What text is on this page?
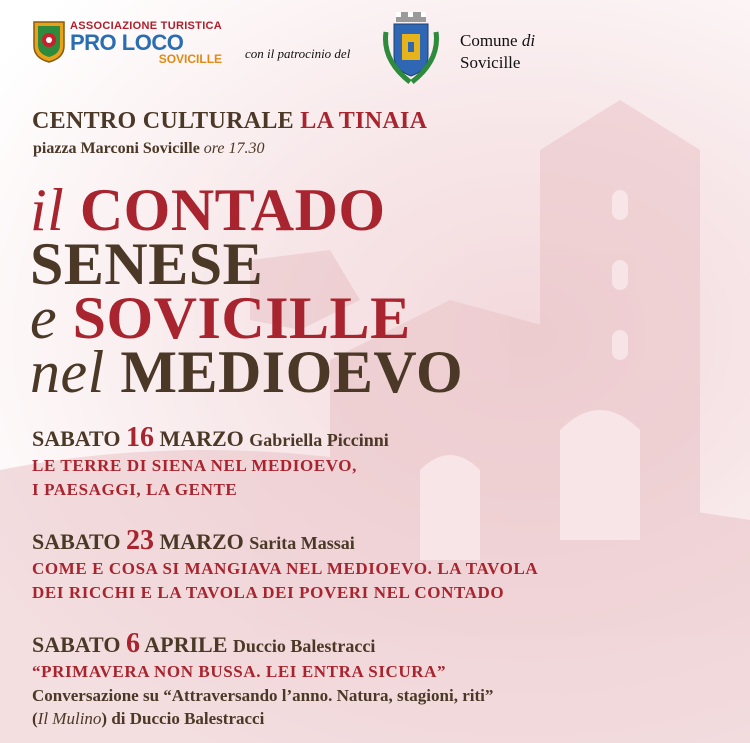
ASSOCIAZIONE TURISTICA
PRO LOCO
SOVICILLE con il patrocinio del
Comune di
Sovicille
CENTRO CULTURALE LA TINAIA
piazza Marconi Sovicille ore 17.30
il CONTADO
SENESE
e SOVICILLE
nel MEDIOEVO
SABATO 16 MARZO Gabriella Piccinni
LE TERRE DI SIENA NEL MEDIOEVO,
I PAESAGGI, LA GENTE
SABATO 23 MARZO Sarita Massai
COME E COSA SI MANGIAVA NEL MEDIOEVO. LA TAVOLA
DEI RICCHI E LA TAVOLA DEI POVERI NEL CONTADO
SABATO 6 APRILE Duccio Balestracci
“PRIMAVERA NON BUSSA. LEI ENTRA SICURA”
Conversazione su “Attraversando l’anno. Natura, stagioni, riti”
(Il Mulino) di Duccio Balestracci
